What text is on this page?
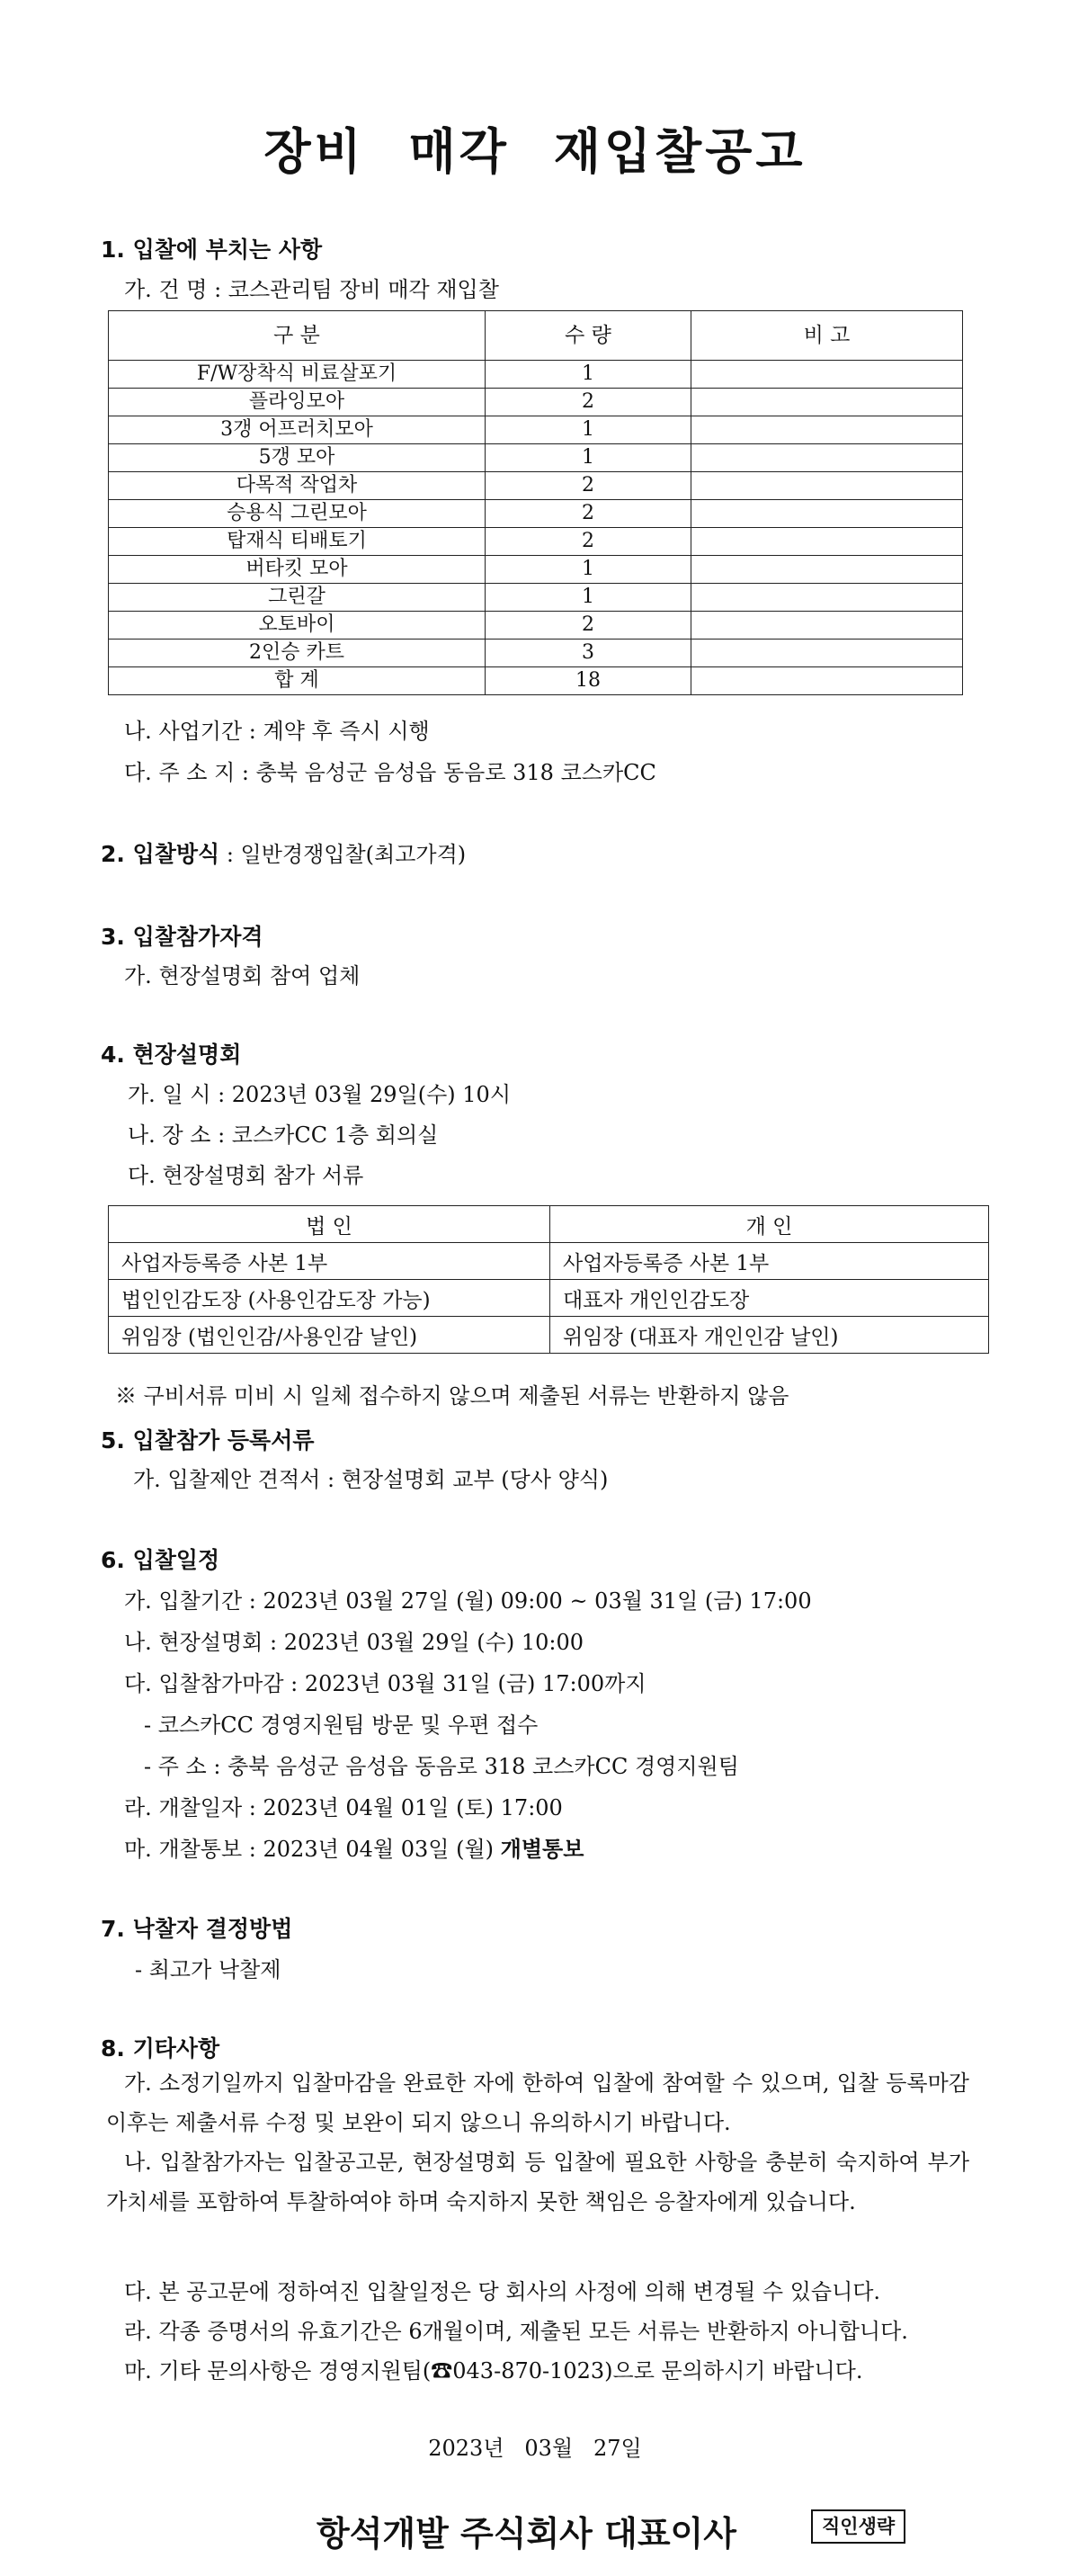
장비 매각 재입찰공고
1. 입찰에 부치는 사항
가. 건 명 : 코스관리팀 장비 매각 재입찰
구 분	수 량	비 고
F/W장착식 비료살포기	1	
플라잉모아	2	
3갱 어프러치모아	1	
5갱 모아	1	
다목적 작업차	2	
승용식 그린모아	2	
탑재식 티배토기	2	
버타킷 모아	1	
그린갈	1	
오토바이	2	
2인승 카트	3	
합 계	18	
나. 사업기간 : 계약 후 즉시 시행
다. 주 소 지 : 충북 음성군 음성읍 동음로 318 코스카CC
2. 입찰방식 : 일반경쟁입찰(최고가격)
3. 입찰참가자격
가. 현장설명회 참여 업체
4. 현장설명회
가. 일 시 : 2023년 03월 29일(수) 10시
나. 장 소 : 코스카CC 1층 회의실
다. 현장설명회 참가 서류
법 인	개 인
사업자등록증 사본 1부	사업자등록증 사본 1부
법인인감도장 (사용인감도장 가능)	대표자 개인인감도장
위임장 (법인인감/사용인감 날인)	위임장 (대표자 개인인감 날인)
※ 구비서류 미비 시 일체 접수하지 않으며 제출된 서류는 반환하지 않음
5. 입찰참가 등록서류
가. 입찰제안 견적서 : 현장설명회 교부 (당사 양식)
6. 입찰일정
가. 입찰기간 : 2023년 03월 27일 (월) 09:00 ~ 03월 31일 (금) 17:00
나. 현장설명회 : 2023년 03월 29일 (수) 10:00
다. 입찰참가마감 : 2023년 03월 31일 (금) 17:00까지
- 코스카CC 경영지원팀 방문 및 우편 접수
- 주 소 : 충북 음성군 음성읍 동음로 318 코스카CC 경영지원팀
라. 개찰일자 : 2023년 04월 01일 (토) 17:00
마. 개찰통보 : 2023년 04월 03일 (월) 개별통보
7. 낙찰자 결정방법
- 최고가 낙찰제
8. 기타사항
가. 소정기일까지 입찰마감을 완료한 자에 한하여 입찰에 참여할 수 있으며, 입찰 등록마감 이후는 제출서류 수정 및 보완이 되지 않으니 유의하시기 바랍니다.
나. 입찰참가자는 입찰공고문, 현장설명회 등 입찰에 필요한 사항을 충분히 숙지하여 부가가치세를 포함하여 투찰하여야 하며 숙지하지 못한 책임은 응찰자에게 있습니다.
다. 본 공고문에 정하여진 입찰일정은 당 회사의 사정에 의해 변경될 수 있습니다.
라. 각종 증명서의 유효기간은 6개월이며, 제출된 모든 서류는 반환하지 아니합니다.
마. 기타 문의사항은 경영지원팀(☎043-870-1023)으로 문의하시기 바랍니다.
2023년   03월   27일
항석개발 주식회사 대표이사	직인생략
